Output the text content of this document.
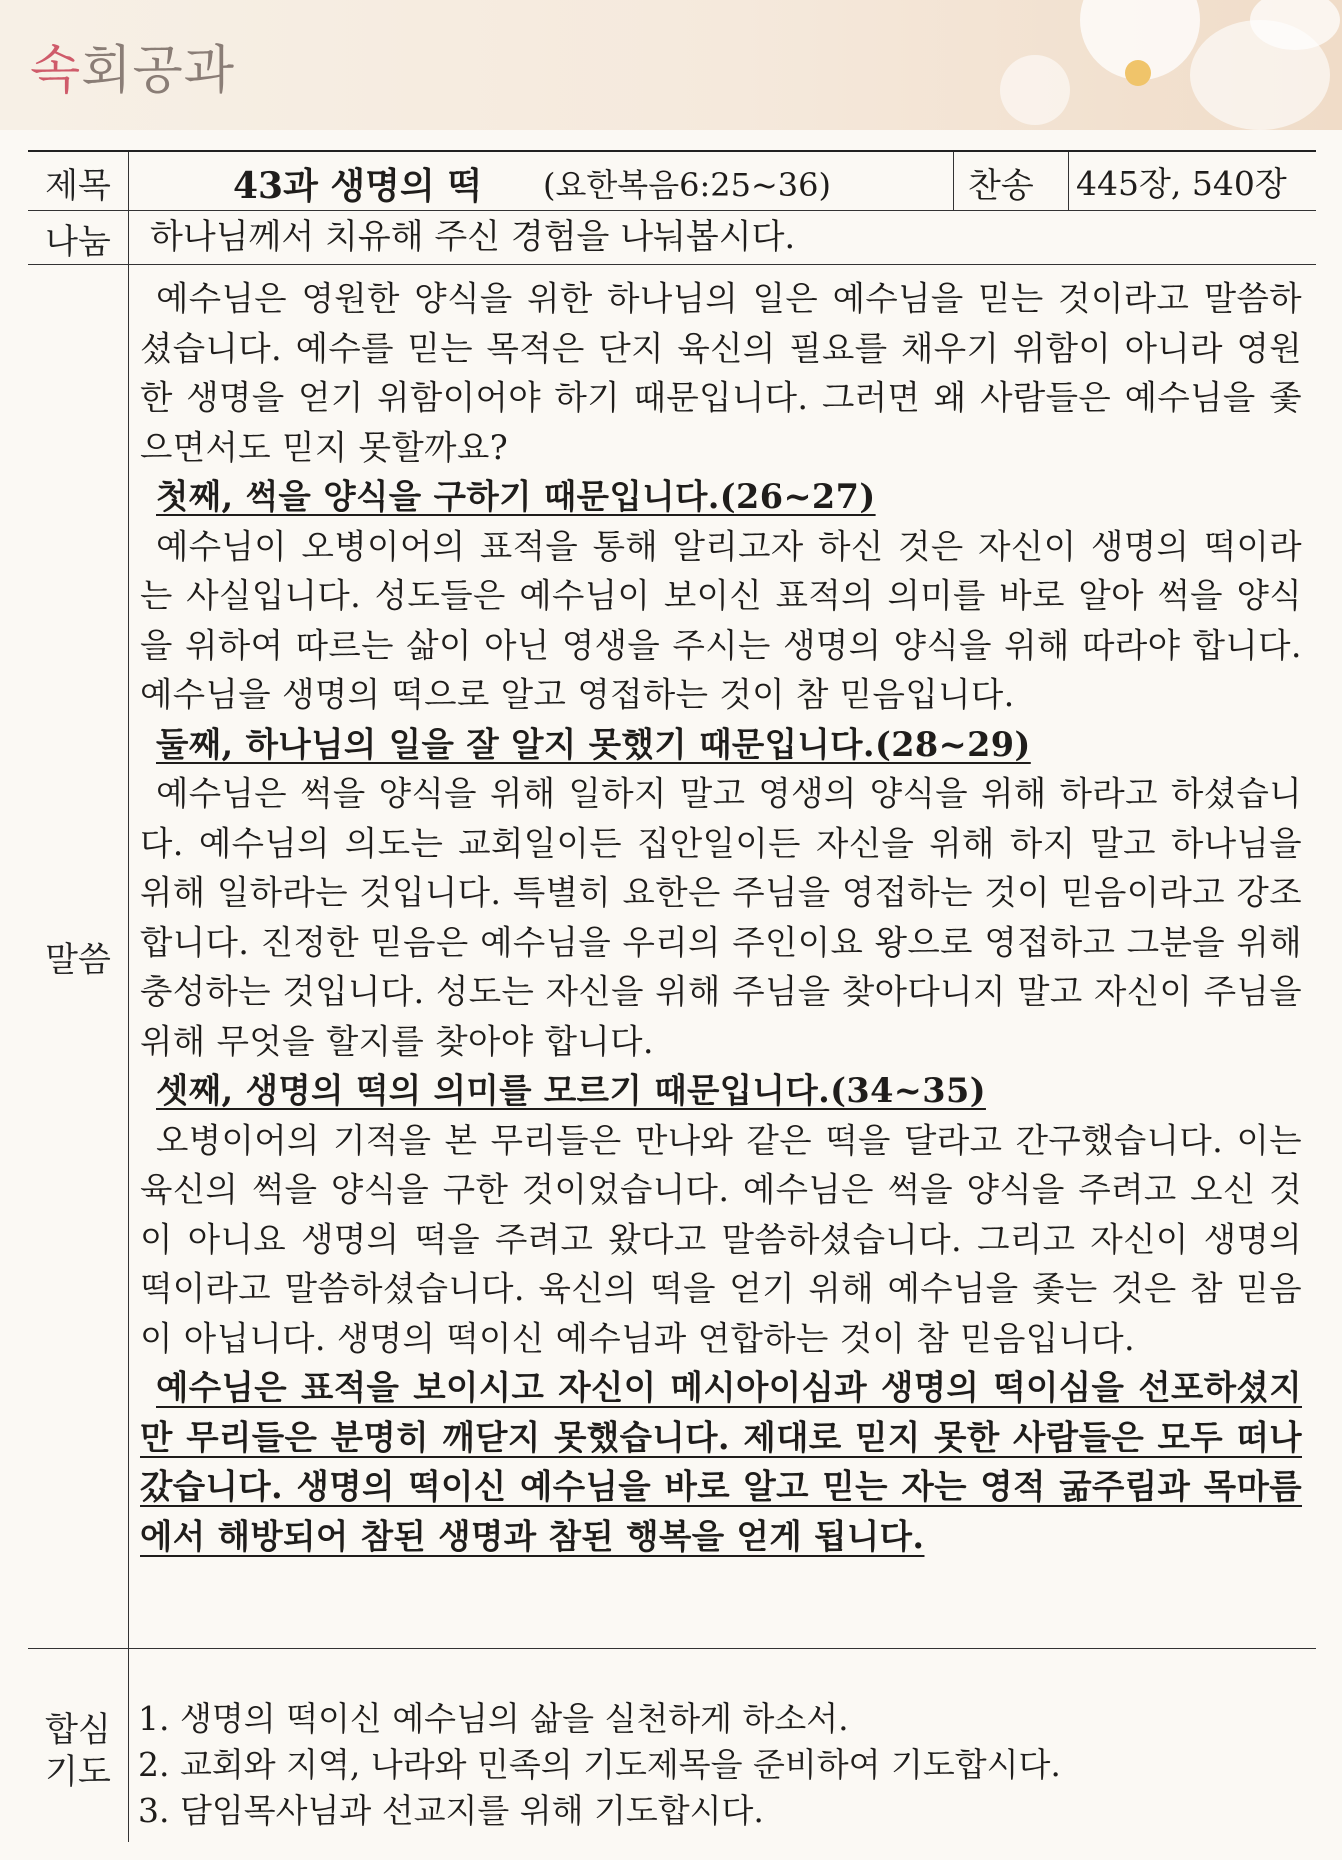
속회공과
제목	43과 생명의 떡 (요한복음6:25~36)	찬송 445장, 540장
나눔	하나님께서 치유해 주신 경험을 나눠봅시다.
말씀

예수님은 영원한 양식을 위한 하나님의 일은 예수님을 믿는 것이라고 말씀하셨습니다. 예수를 믿는 목적은 단지 육신의 필요를 채우기 위함이 아니라 영원한 생명을 얻기 위함이어야 하기 때문입니다. 그러면 왜 사람들은 예수님을 좇으면서도 믿지 못할까요?

첫째, 썩을 양식을 구하기 때문입니다.(26~27)

예수님이 오병이어의 표적을 통해 알리고자 하신 것은 자신이 생명의 떡이라는 사실입니다. 성도들은 예수님이 보이신 표적의 의미를 바로 알아 썩을 양식을 위하여 따르는 삶이 아닌 영생을 주시는 생명의 양식을 위해 따라야 합니다. 예수님을 생명의 떡으로 알고 영접하는 것이 참 믿음입니다.

둘째, 하나님의 일을 잘 알지 못했기 때문입니다.(28~29)

예수님은 썩을 양식을 위해 일하지 말고 영생의 양식을 위해 하라고 하셨습니다. 예수님의 의도는 교회일이든 집안일이든 자신을 위해 하지 말고 하나님을 위해 일하라는 것입니다. 특별히 요한은 주님을 영접하는 것이 믿음이라고 강조합니다. 진정한 믿음은 예수님을 우리의 주인이요 왕으로 영접하고 그분을 위해 충성하는 것입니다. 성도는 자신을 위해 주님을 찾아다니지 말고 자신이 주님을 위해 무엇을 할지를 찾아야 합니다.

셋째, 생명의 떡의 의미를 모르기 때문입니다.(34~35)

오병이어의 기적을 본 무리들은 만나와 같은 떡을 달라고 간구했습니다. 이는 육신의 썩을 양식을 구한 것이었습니다. 예수님은 썩을 양식을 주려고 오신 것이 아니요 생명의 떡을 주려고 왔다고 말씀하셨습니다. 그리고 자신이 생명의 떡이라고 말씀하셨습니다. 육신의 떡을 얻기 위해 예수님을 좇는 것은 참 믿음이 아닙니다. 생명의 떡이신 예수님과 연합하는 것이 참 믿음입니다.

예수님은 표적을 보이시고 자신이 메시아이심과 생명의 떡이심을 선포하셨지만 무리들은 분명히 깨닫지 못했습니다. 제대로 믿지 못한 사람들은 모두 떠나갔습니다. 생명의 떡이신 예수님을 바로 알고 믿는 자는 영적 굶주림과 목마름에서 해방되어 참된 생명과 참된 행복을 얻게 됩니다.

합심
기도
1. 생명의 떡이신 예수님의 삶을 실천하게 하소서.
2. 교회와 지역, 나라와 민족의 기도제목을 준비하여 기도합시다.
3. 담임목사님과 선교지를 위해 기도합시다.
